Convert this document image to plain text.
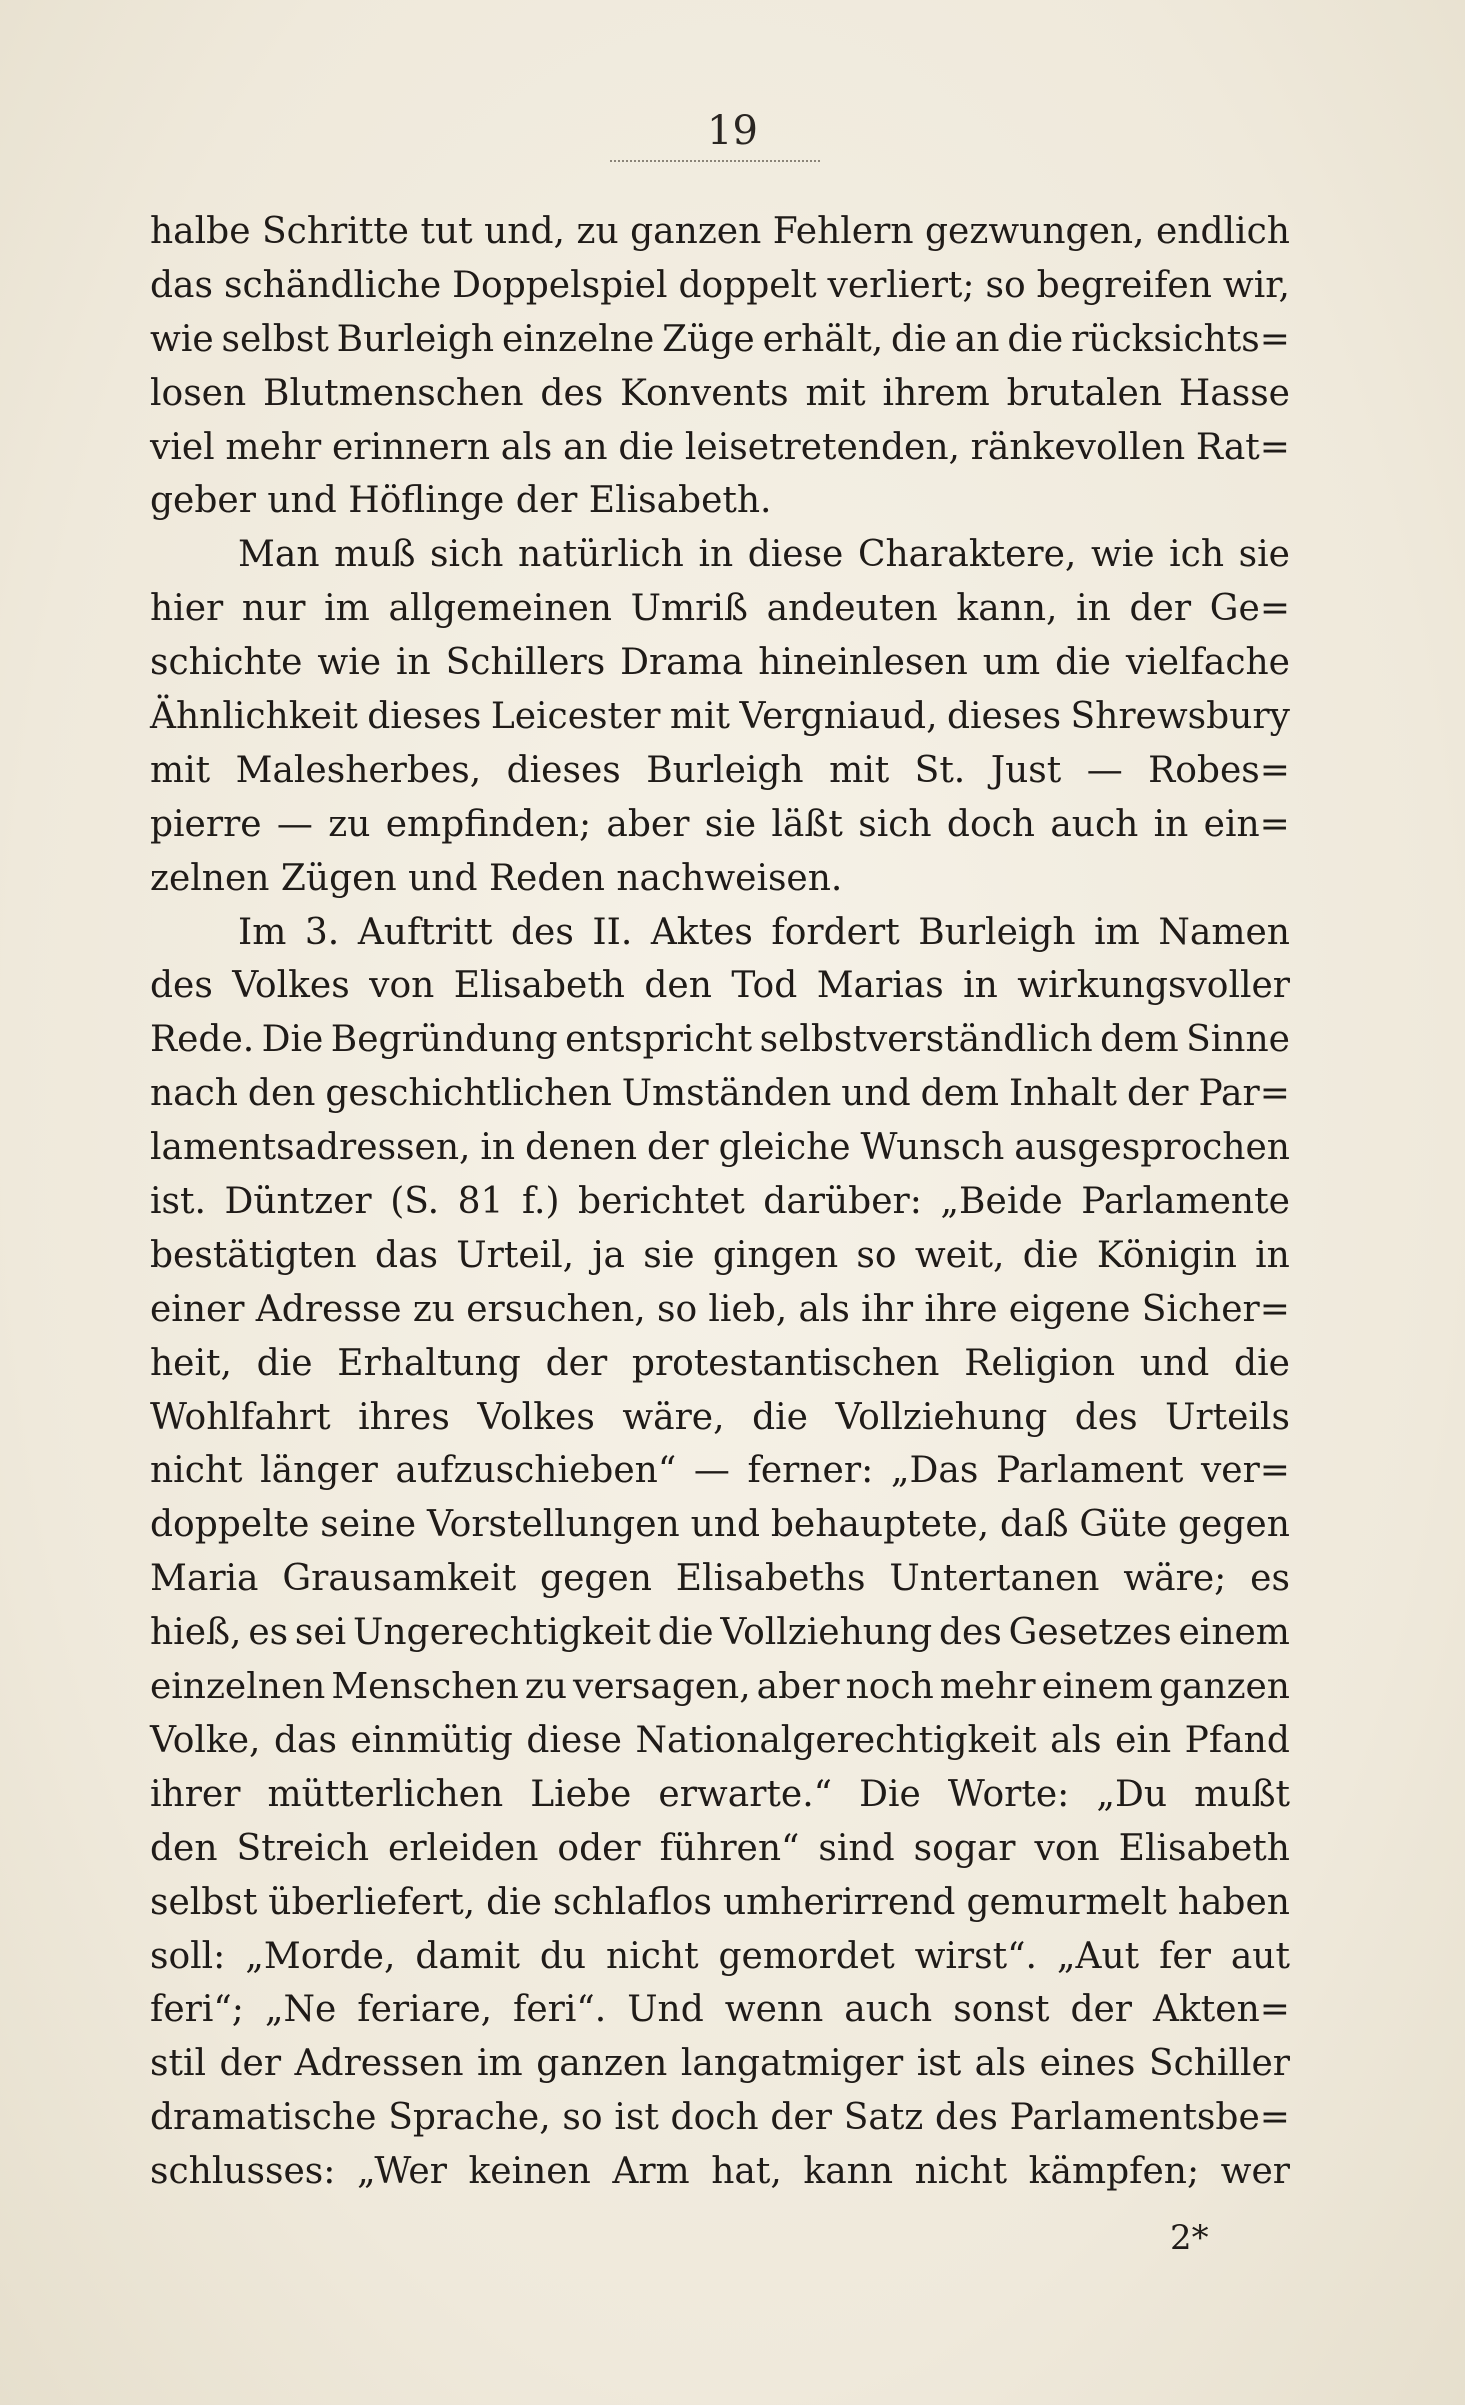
19
halbe Schritte tut und, zu ganzen Fehlern gezwungen, endlich
das schändliche Doppelspiel doppelt verliert; so begreifen wir,
wie selbst Burleigh einzelne Züge erhält, die an die rücksichts=
losen Blutmenschen des Konvents mit ihrem brutalen Hasse
viel mehr erinnern als an die leisetretenden, ränkevollen Rat=
geber und Höflinge der Elisabeth.
Man muß sich natürlich in diese Charaktere, wie ich sie
hier nur im allgemeinen Umriß andeuten kann, in der Ge=
schichte wie in Schillers Drama hineinlesen um die vielfache
Ähnlichkeit dieses Leicester mit Vergniaud, dieses Shrewsbury
mit Malesherbes, dieses Burleigh mit St. Just — Robes=
pierre — zu empfinden; aber sie läßt sich doch auch in ein=
zelnen Zügen und Reden nachweisen.
Im 3. Auftritt des II. Aktes fordert Burleigh im Namen
des Volkes von Elisabeth den Tod Marias in wirkungsvoller
Rede. Die Begründung entspricht selbstverständlich dem Sinne
nach den geschichtlichen Umständen und dem Inhalt der Par=
lamentsadressen, in denen der gleiche Wunsch ausgesprochen
ist. Düntzer (S. 81 f.) berichtet darüber: „Beide Parlamente
bestätigten das Urteil, ja sie gingen so weit, die Königin in
einer Adresse zu ersuchen, so lieb, als ihr ihre eigene Sicher=
heit, die Erhaltung der protestantischen Religion und die
Wohlfahrt ihres Volkes wäre, die Vollziehung des Urteils
nicht länger aufzuschieben“ — ferner: „Das Parlament ver=
doppelte seine Vorstellungen und behauptete, daß Güte gegen
Maria Grausamkeit gegen Elisabeths Untertanen wäre; es
hieß, es sei Ungerechtigkeit die Vollziehung des Gesetzes einem
einzelnen Menschen zu versagen, aber noch mehr einem ganzen
Volke, das einmütig diese Nationalgerechtigkeit als ein Pfand
ihrer mütterlichen Liebe erwarte.“ Die Worte: „Du mußt
den Streich erleiden oder führen“ sind sogar von Elisabeth
selbst überliefert, die schlaflos umherirrend gemurmelt haben
soll: „Morde, damit du nicht gemordet wirst“. „Aut fer aut
feri“; „Ne feriare, feri“. Und wenn auch sonst der Akten=
stil der Adressen im ganzen langatmiger ist als eines Schiller
dramatische Sprache, so ist doch der Satz des Parlamentsbe=
schlusses: „Wer keinen Arm hat, kann nicht kämpfen; wer
2*
